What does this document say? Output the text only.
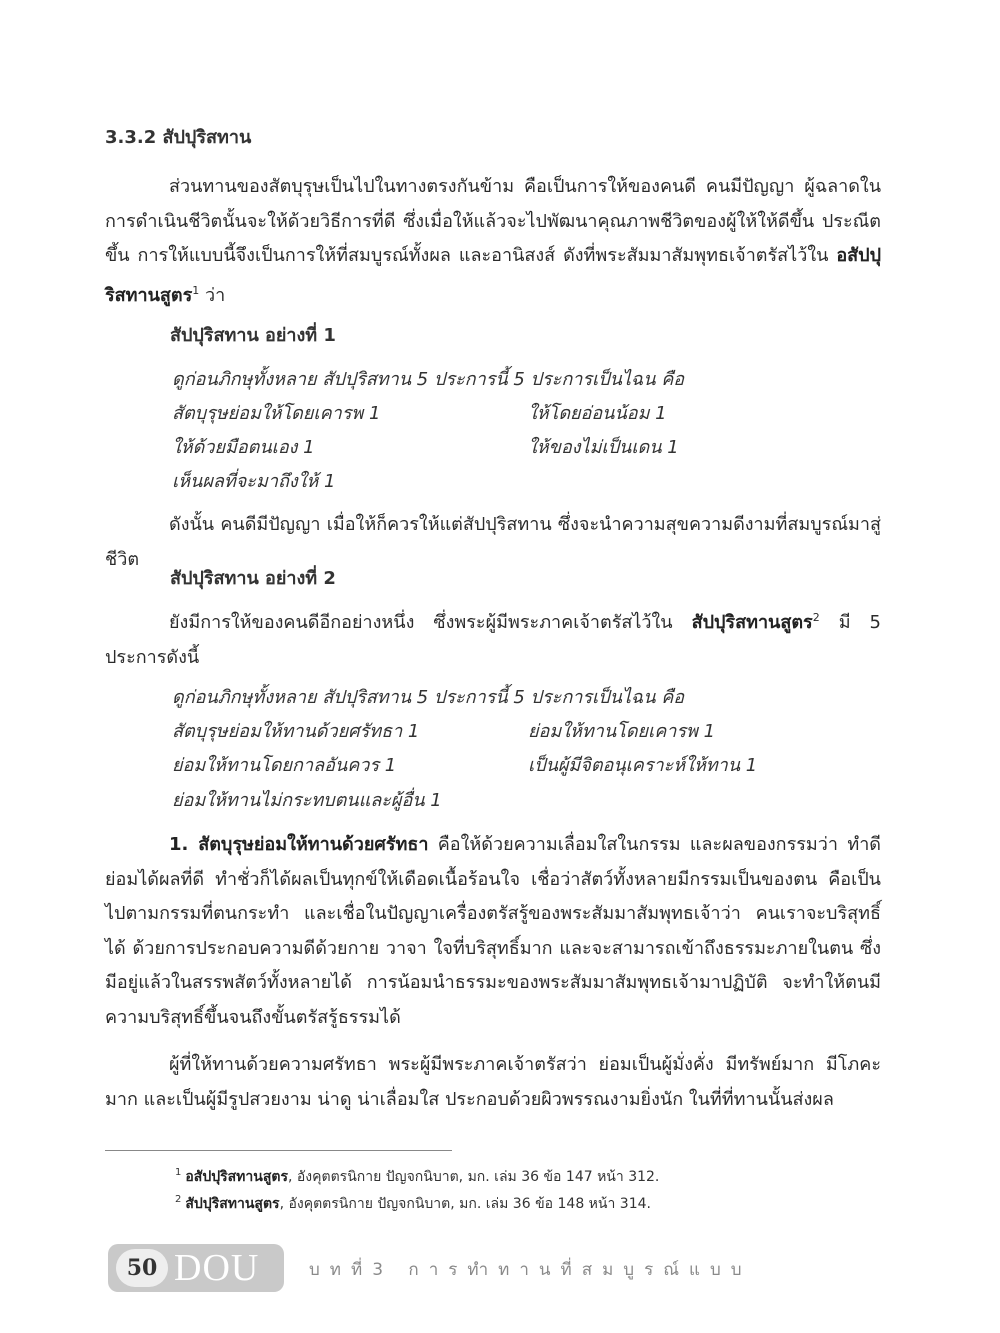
3.3.2 สัปปุริสทาน
ส่วนทานของสัตบุรุษเป็นไปในทางตรงกันข้าม คือเป็นการให้ของคนดี คนมีปัญญา ผู้ฉลาดในการดำเนินชีวิตนั้นจะให้ด้วยวิธีการที่ดี ซึ่งเมื่อให้แล้วจะไปพัฒนาคุณภาพชีวิตของผู้ให้ให้ดีขึ้น ประณีตขึ้น การให้แบบนี้จึงเป็นการให้ที่สมบูรณ์ทั้งผล และอานิสงส์ ดังที่พระสัมมาสัมพุทธเจ้าตรัสไว้ใน อสัปปุริสทานสูตร$^1$ ว่า
สัปปุริสทาน อย่างที่ 1
ดูก่อนภิกษุทั้งหลาย สัปปุริสทาน 5 ประการนี้ 5 ประการเป็นไฉน คือ
สัตบุรุษย่อมให้โดยเคารพ 1	ให้โดยอ่อนน้อม 1
ให้ด้วยมือตนเอง 1	ให้ของไม่เป็นเดน 1
เห็นผลที่จะมาถึงให้ 1
ดังนั้น คนดีมีปัญญา เมื่อให้ก็ควรให้แต่สัปปุริสทาน ซึ่งจะนำความสุขความดีงามที่สมบูรณ์มาสู่ชีวิต
สัปปุริสทาน อย่างที่ 2
ยังมีการให้ของคนดีอีกอย่างหนึ่ง ซึ่งพระผู้มีพระภาคเจ้าตรัสไว้ใน สัปปุริสทานสูตร$^2$ มี 5 ประการดังนี้
ดูก่อนภิกษุทั้งหลาย สัปปุริสทาน 5 ประการนี้ 5 ประการเป็นไฉน คือ
สัตบุรุษย่อมให้ทานด้วยศรัทธา 1	ย่อมให้ทานโดยเคารพ 1
ย่อมให้ทานโดยกาลอันควร 1	เป็นผู้มีจิตอนุเคราะห์ให้ทาน 1
ย่อมให้ทานไม่กระทบตนและผู้อื่น 1
1. สัตบุรุษย่อมให้ทานด้วยศรัทธา คือให้ด้วยความเลื่อมใสในกรรม และผลของกรรมว่า ทำดีย่อมได้ผลที่ดี ทำชั่วก็ได้ผลเป็นทุกข์ให้เดือดเนื้อร้อนใจ เชื่อว่าสัตว์ทั้งหลายมีกรรมเป็นของตน คือเป็นไปตามกรรมที่ตนกระทำ และเชื่อในปัญญาเครื่องตรัสรู้ของพระสัมมาสัมพุทธเจ้าว่า คนเราจะบริสุทธิ์ได้ ด้วยการประกอบความดีด้วยกาย วาจา ใจที่บริสุทธิ์มาก และจะสามารถเข้าถึงธรรมะภายในตน ซึ่งมีอยู่แล้วในสรรพสัตว์ทั้งหลายได้ การน้อมนำธรรมะของพระสัมมาสัมพุทธเจ้ามาปฏิบัติ จะทำให้ตนมีความบริสุทธิ์ขึ้นจนถึงขั้นตรัสรู้ธรรมได้
ผู้ที่ให้ทานด้วยความศรัทธา พระผู้มีพระภาคเจ้าตรัสว่า ย่อมเป็นผู้มั่งคั่ง มีทรัพย์มาก มีโภคะมาก และเป็นผู้มีรูปสวยงาม น่าดู น่าเลื่อมใส ประกอบด้วยผิวพรรณงามยิ่งนัก ในที่ที่ทานนั้นส่งผล
$^1$ อสัปปุริสทานสูตร, อังคุตตรนิกาย ปัญจกนิบาต, มก. เล่ม 36 ข้อ 147 หน้า 312.
$^2$ สัปปุริสทานสูตร, อังคุตตรนิกาย ปัญจกนิบาต, มก. เล่ม 36 ข้อ 148 หน้า 314.
50 DOU	บทที่3 การทำทานที่สมบูรณ์แบบ
